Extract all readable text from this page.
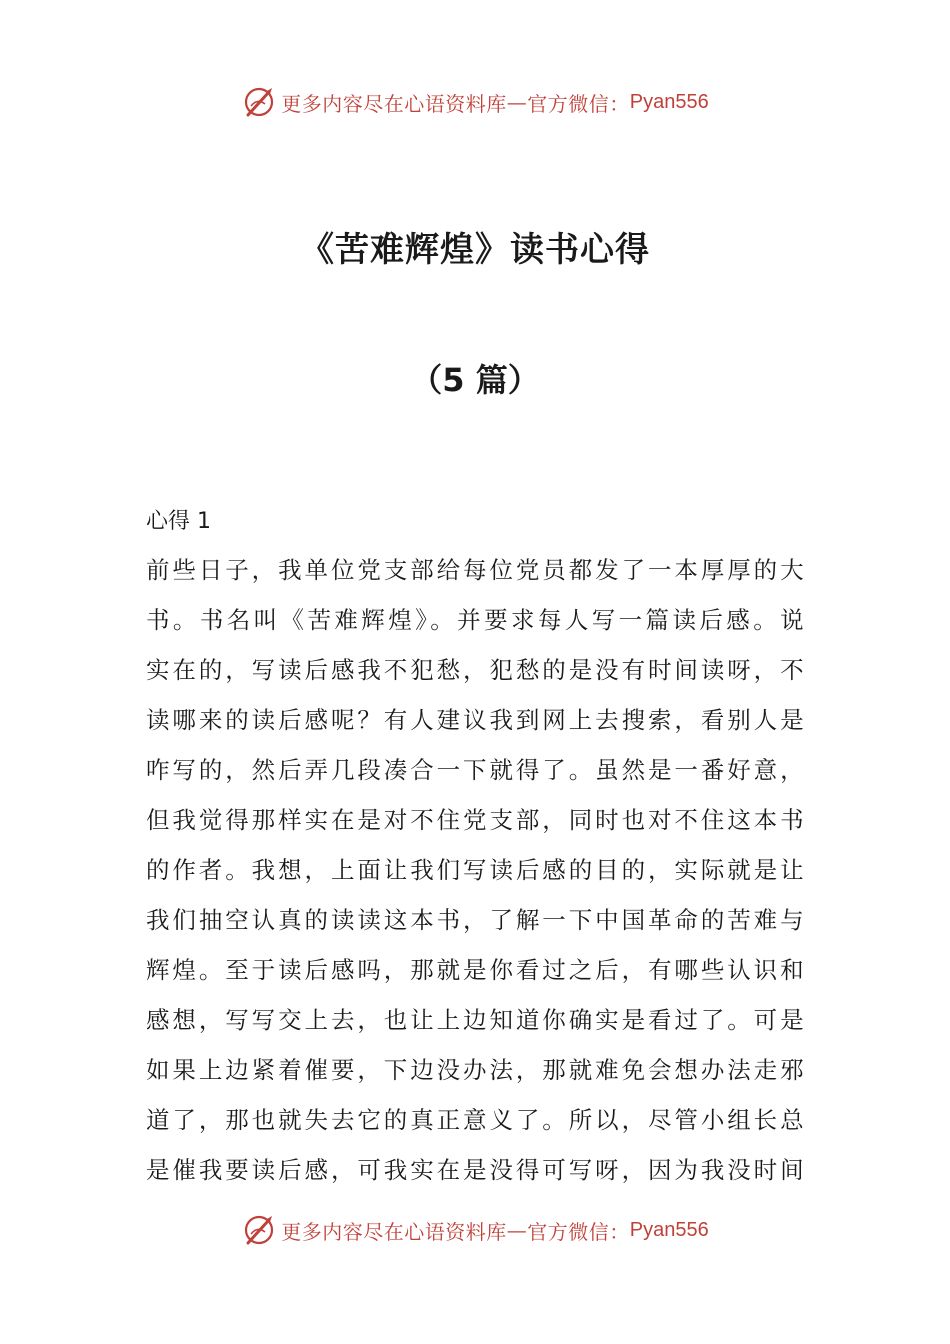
更多内容尽在心语资料库 — 官方微信： Pyan556
《苦难辉煌》读书心得
（5 篇）
心得 1
前些日子，我单位党支部给每位党员都发了一本厚厚的大
书。书名叫《苦难辉煌》。并要求每人写一篇读后感。说
实在的，写读后感我不犯愁，犯愁的是没有时间读呀，不
读哪来的读后感呢？有人建议我到网上去搜索，看别人是
咋写的，然后弄几段凑合一下就得了。虽然是一番好意，
但我觉得那样实在是对不住党支部，同时也对不住这本书
的作者。我想，上面让我们写读后感的目的，实际就是让
我们抽空认真的读读这本书，了解一下中国革命的苦难与
辉煌。至于读后感吗，那就是你看过之后，有哪些认识和
感想，写写交上去，也让上边知道你确实是看过了。可是
如果上边紧着催要，下边没办法，那就难免会想办法走邪
道了，那也就失去它的真正意义了。所以，尽管小组长总
是催我要读后感，可我实在是没得可写呀，因为我没时间
更多内容尽在心语资料库 — 官方微信： Pyan556
